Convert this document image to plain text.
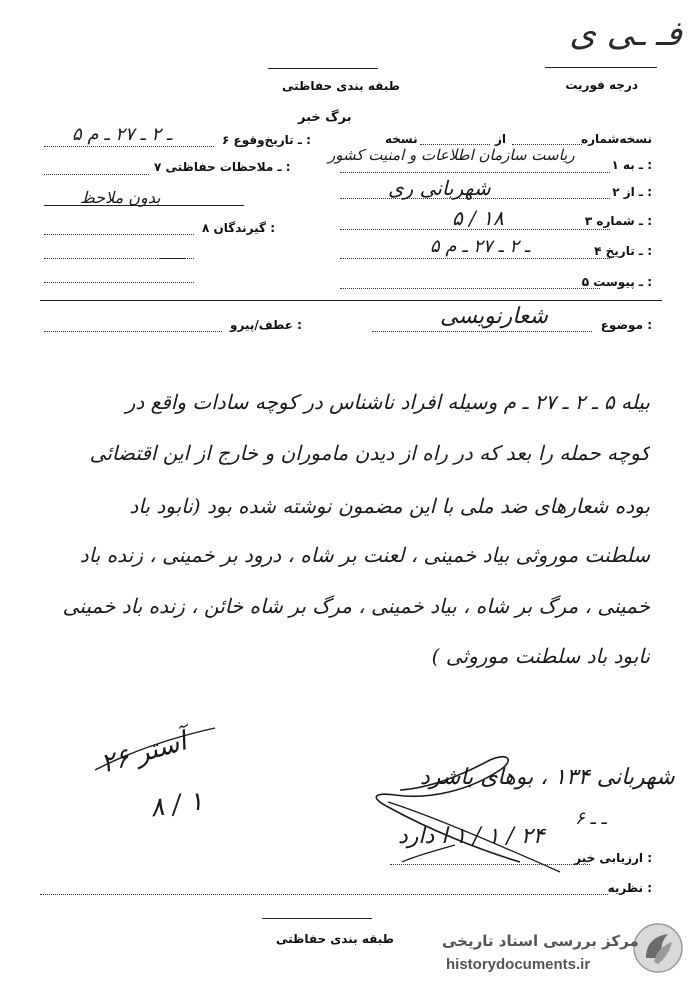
فـ ـی ی
درجه فوریت
طبقه بندی حفاظتی
برگ خبر
نسخه‌شماره
از
نسخه
۱ ـ به :
ریاست سازمان اطلاعات و امنیت کشور
۲ ـ از :
شهربانی ری
۳ ـ شماره :
۵ / ۱۸
۴ ـ تاریخ :
۵ ـ ۲ ـ ۲۷ ـ م
۵ ـ پیوست :
۶ ـ تاریخ‌وقوع :
۵ ـ ۲ ـ ۲۷ ـ م
۷ ـ ملاحظات حفاظتی :
بدون ملاحظ
۸ گیرندگان :
عطف/پیرو :	موضوع :
شعارنویسی
بیله ۵ ـ ۲ ـ ۲۷ ـ م وسیله افراد ناشناس در کوچه سادات واقع در
کوچه حمله را بعد که در راه از دیدن ماموران و خارج از این اقتضائی
بوده شعارهای ضد ملی با این مضمون نوشته شده بود (نابود باد
سلطنت موروثی بیاد خمینی ، لعنت بر شاه ، درود بر خمینی ، زنده باد
خمینی ، مرگ بر شاه ، بیاد خمینی ، مرگ بر شاه خائن ، زنده باد خمینی
نابود باد سلطنت موروثی )
آستر ۲۶
۸ / ۱
شهربانی ۱۳۴ ، بوهای باشرد
۶ ـ ـ
۲۴ / ۱ / ۱ ا دارد
ارزیابی خبر :
نظریه :
طبقه بندی حفاظتی	مرکز بررسی اسناد تاریخی
historydocuments.ir
